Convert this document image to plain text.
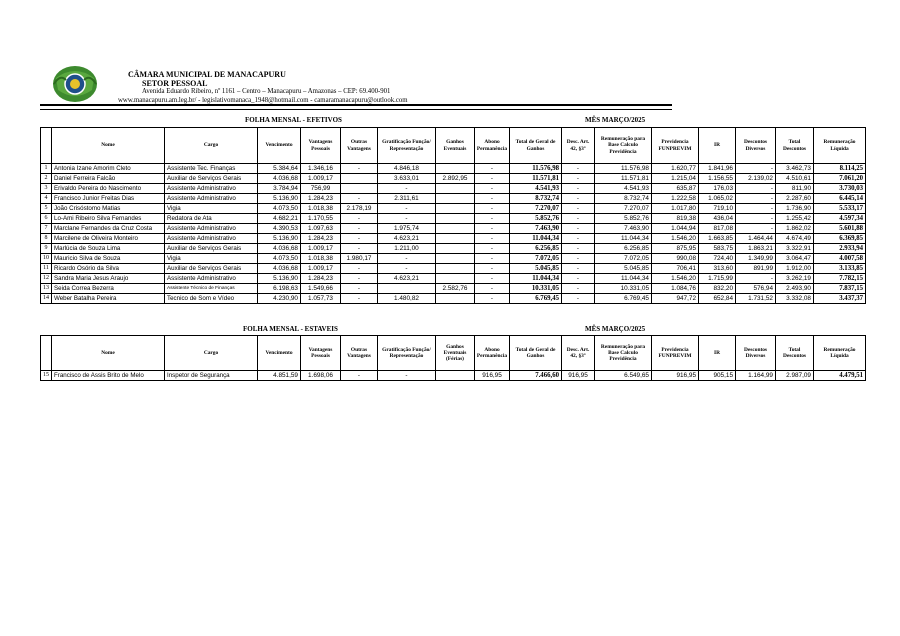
CÂMARA MUNICIPAL DE MANACAPURU
SETOR PESSOAL
Avenida Eduardo Ribeiro, nº 1161 – Centro – Manacapuru – Amazonas – CEP: 69.400-901
www.manacapuru.am.leg.br/ - legislativomanaca_1948@hotmail.com - camaramanacapuru@outlook.com
FOLHA MENSAL - EFETIVOS	MÊS MARÇO/2025
	Nome	Cargo	Vencimento	Vantagens Pessoais	Outras Vantagens	Gratificação Função/ Representação	Ganhos Eventuais	Abono Permanência	Total de Geral de Ganhos	Desc. Art. 42, §3º	Remuneração para Base Calculo Previdência	Previdencia FUNPREVIM	IR	Descontos Diversos	Total Descontos	Remuneração Líquida
1	Antonia Izane Amorim Cleto	Assistente Tec. Finanças	5.384,64	1.346,16	-	4.846,18		-	11.576,98	-	11.576,98	1.620,77	1.841,96	-	3.462,73	8.114,25
2	Daniel Ferreira Falcão	Auxiliar de Serviços Gerais	4.036,68	1.009,17		3.633,01	2.892,95	-	11.571,81	-	11.571,81	1.215,04	1.156,55	2.139,02	4.510,61	7.061,20
3	Erivaldo Pereira do Nascimento	Assistente Administrativo	3.784,94	756,99		-		-	4.541,93	-	4.541,93	635,87	176,03	-	811,90	3.730,03
4	Francisco Junior Freitas Dias	Assistente Administrativo	5.136,90	1.284,23	-	2.311,61		-	8.732,74	-	8.732,74	1.222,58	1.065,02	-	2.287,60	6.445,14
5	João Crisóstomo Matias	Vigia	4.073,50	1.018,38	2.178,19	-		-	7.270,07	-	7.270,07	1.017,80	719,10	-	1.736,90	5.533,17
6	Lo-Ami Ribeiro Silva Fernandes	Redatora de Ata	4.682,21	1.170,55	-	-		-	5.852,76	-	5.852,76	819,38	436,04	-	1.255,42	4.597,34
7	Marclane Fernandes da Cruz Costa	Assistente Administrativo	4.390,53	1.097,63	-	1.975,74		-	7.463,90	-	7.463,90	1.044,94	817,08	-	1.862,02	5.601,88
8	Marcilene de Oliveira Monteiro	Assistente Administrativo	5.136,90	1.284,23	-	4.623,21		-	11.044,34	-	11.044,34	1.546,20	1.663,85	1.464,44	4.674,49	6.369,85
9	Marlúcia de Souza Lima	Auxiliar de Serviços Gerais	4.036,68	1.009,17	-	1.211,00		-	6.256,85	-	6.256,85	875,95	583,75	1.863,21	3.322,91	2.933,94
10	Mauricio Silva de Souza	Vigia	4.073,50	1.018,38	1.980,17	-		-	7.072,05	-	7.072,05	990,08	724,40	1.349,99	3.064,47	4.007,58
11	Ricardo Osório da Silva	Auxiliar de Serviços Gerais	4.036,68	1.009,17	-	-		-	5.045,85	-	5.045,85	706,41	313,60	891,99	1.912,00	3.133,85
12	Sandra Maria Jesus Araujo	Assistente Administrativo	5.136,90	1.284,23	-	4.623,21		-	11.044,34	-	11.044,34	1.546,20	1.715,99	-	3.262,19	7.782,15
13	Seida Correa Bezerra	Assistente Técnico de Finanças	6.198,63	1.549,66	-		2.582,76	-	10.331,05	-	10.331,05	1.084,76	832,20	576,94	2.493,90	7.837,15
14	Weber Batalha Pereira	Tecnico de Som e Vídeo	4.230,90	1.057,73	-	1.480,82		-	6.769,45	-	6.769,45	947,72	652,84	1.731,52	3.332,08	3.437,37
FOLHA MENSAL - ESTAVEIS	MÊS MARÇO/2025
	Nome	Cargo	Vencimento	Vantagens Pessoais	Outras Vantagens	Gratificação Função/ Representação	Ganhos Eventuais (Férias)	Abono Permanência	Total de Geral de Ganhos	Desc. Art. 42, §3º	Remuneração para Base Calculo Previdência	Previdencia FUNPREVIM	IR	Descontos Diversos	Total Descontos	Remuneração Líquida
15	Francisco de Assis Brito de Melo	Inspetor de Segurança	4.851,59	1.698,06	-	-		916,95	7.466,60	916,95	6.549,65	916,95	905,15	1.164,99	2.987,09	4.479,51
